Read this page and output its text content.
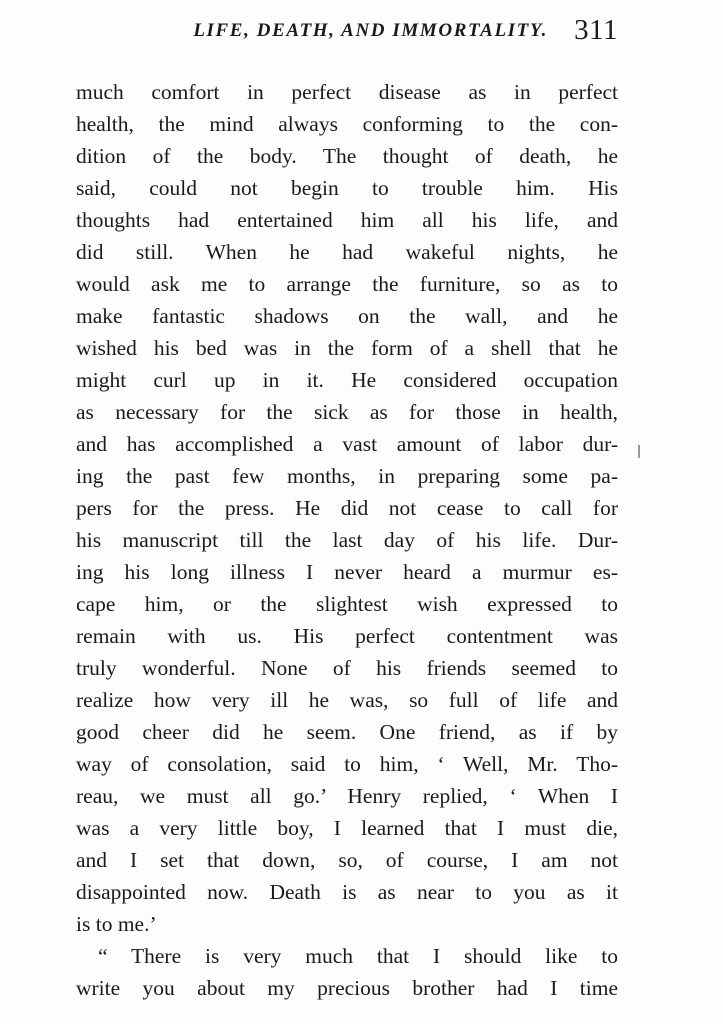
LIFE, DEATH, AND IMMORTALITY. 311
much comfort in perfect disease as in perfect
health, the mind always conforming to the con-
dition of the body. The thought of death, he
said, could not begin to trouble him. His
thoughts had entertained him all his life, and
did still. When he had wakeful nights, he
would ask me to arrange the furniture, so as to
make fantastic shadows on the wall, and he
wished his bed was in the form of a shell that he
might curl up in it. He considered occupation
as necessary for the sick as for those in health,
and has accomplished a vast amount of labor dur-
ing the past few months, in preparing some pa-
pers for the press. He did not cease to call for
his manuscript till the last day of his life. Dur-
ing his long illness I never heard a murmur es-
cape him, or the slightest wish expressed to
remain with us. His perfect contentment was
truly wonderful. None of his friends seemed to
realize how very ill he was, so full of life and
good cheer did he seem. One friend, as if by
way of consolation, said to him, ‘ Well, Mr. Tho-
reau, we must all go.’ Henry replied, ‘ When I
was a very little boy, I learned that I must die,
and I set that down, so, of course, I am not
disappointed now. Death is as near to you as it
is to me.’
“ There is very much that I should like to
write you about my precious brother had I time
